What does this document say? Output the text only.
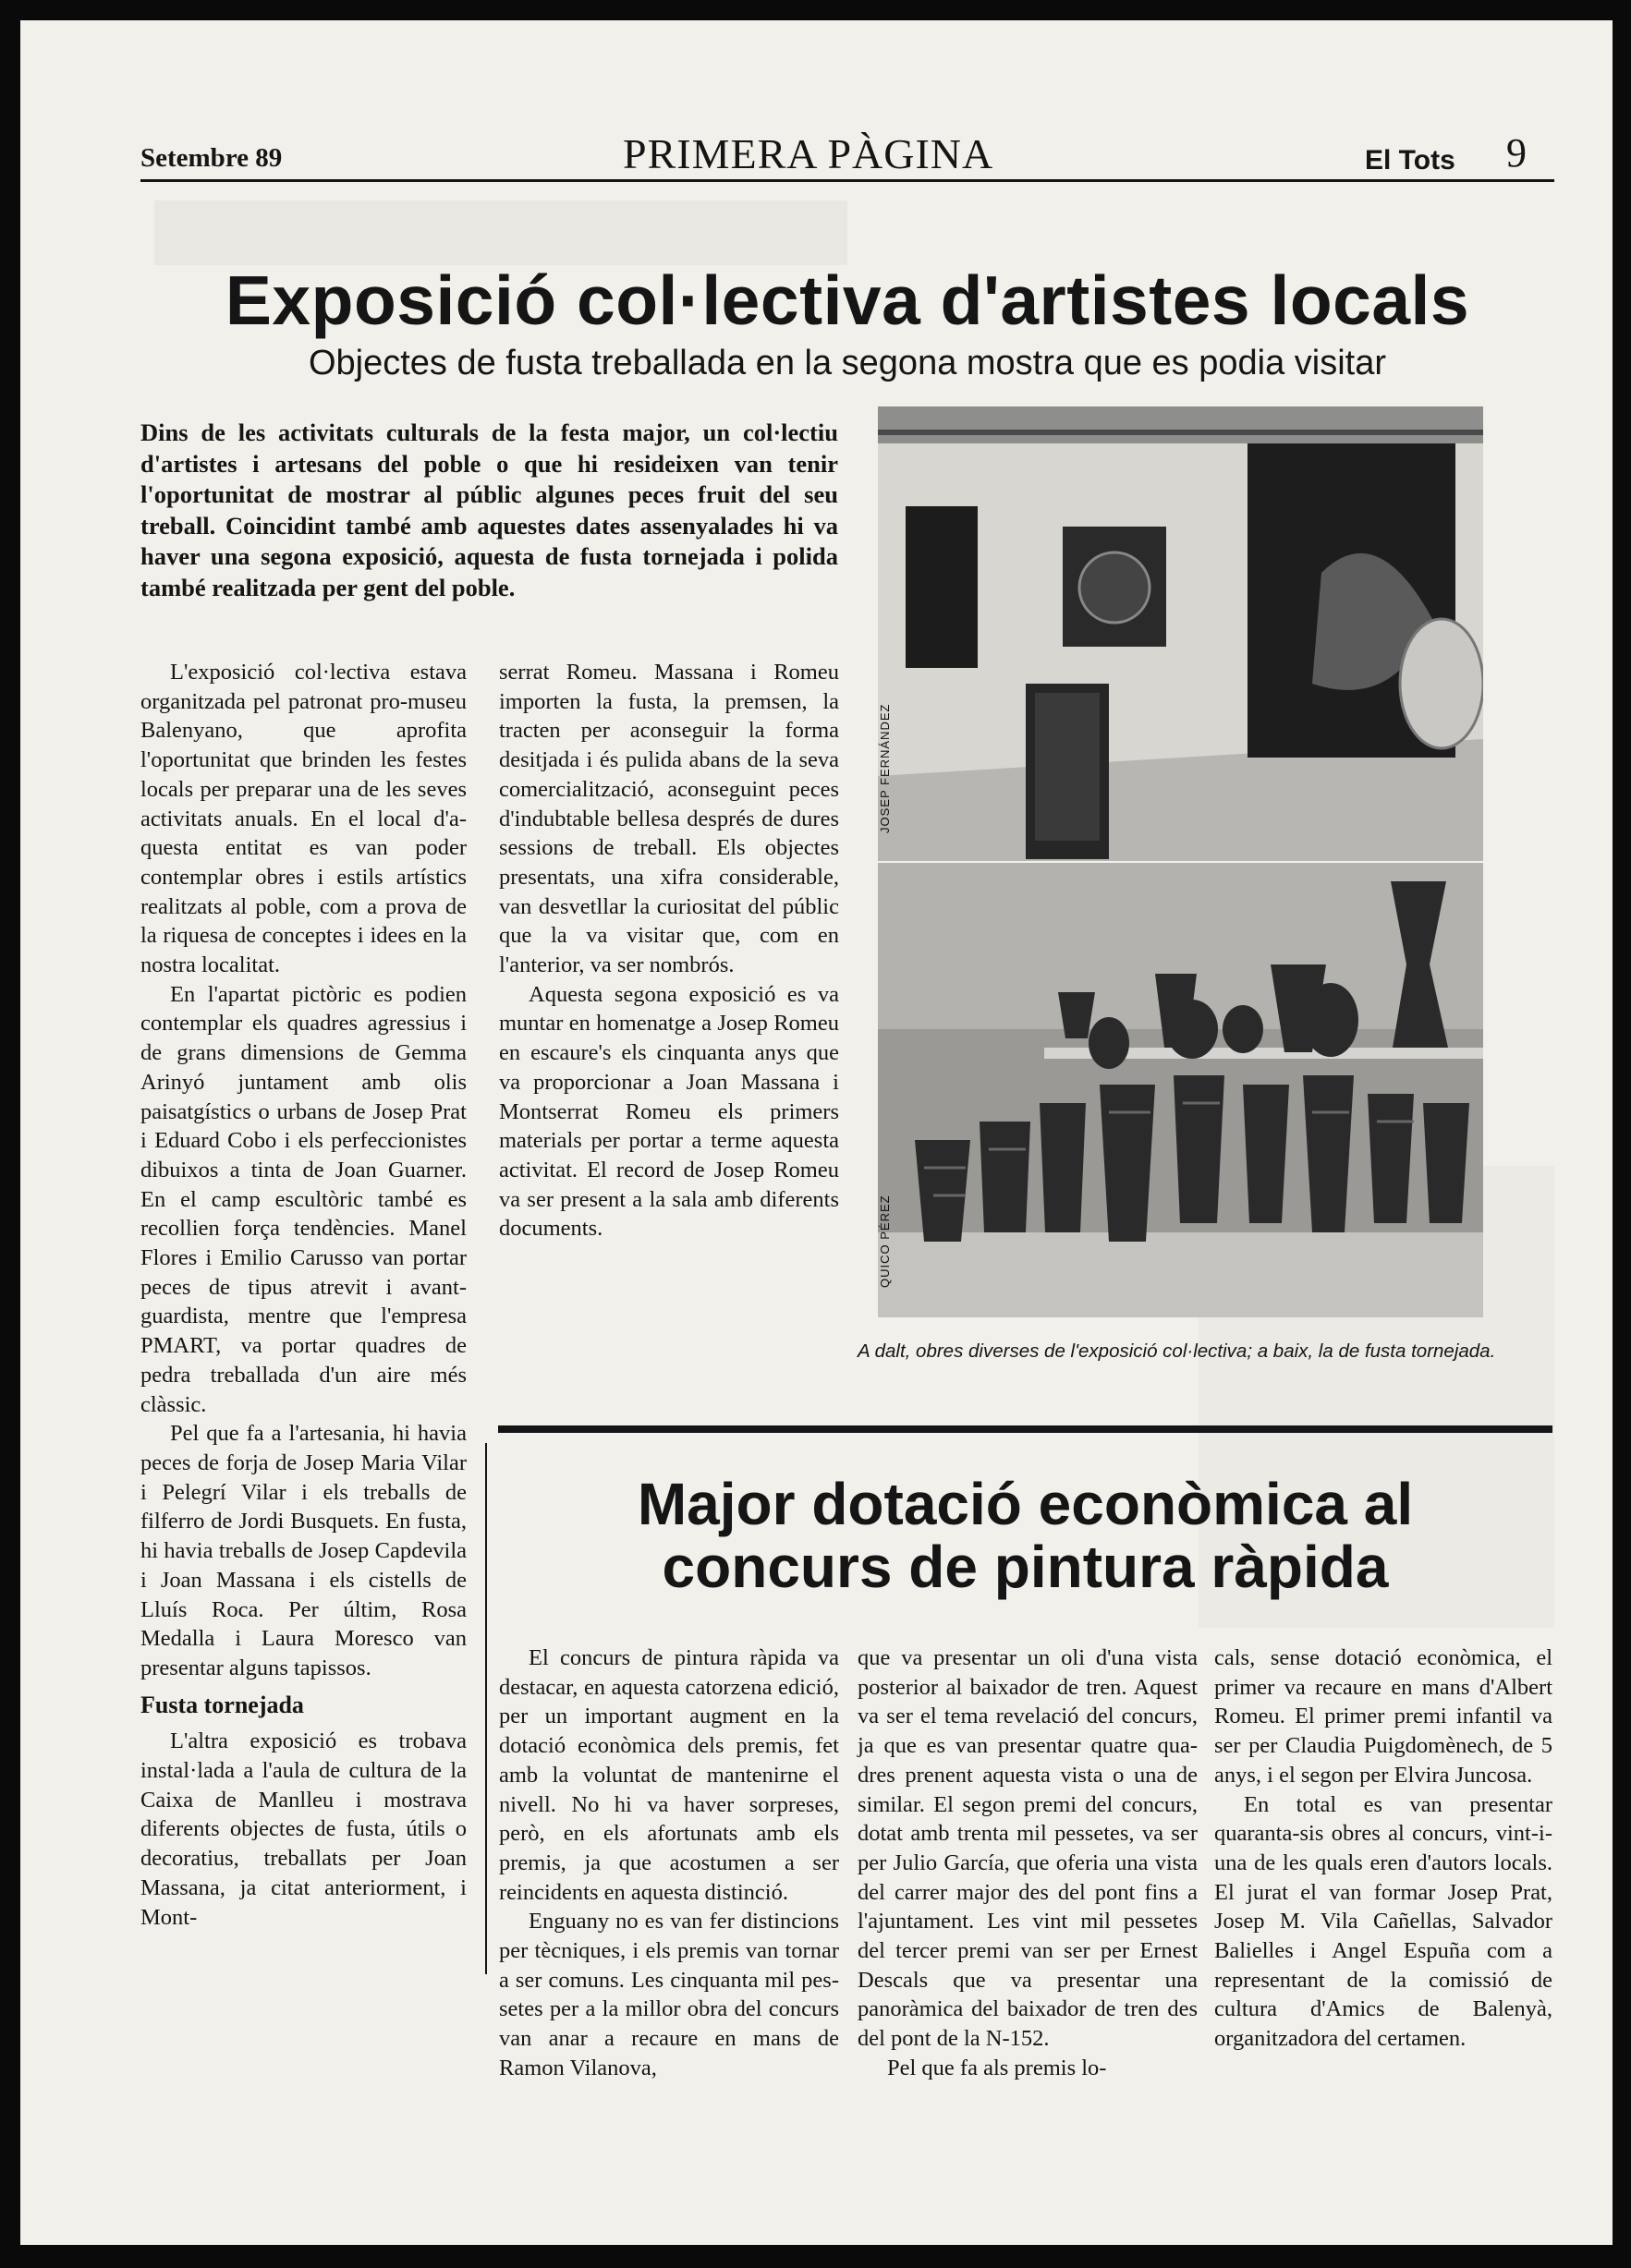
Setembre 89	PRIMERA PÀGINA	El Tots 9
Exposició col·lectiva d'artistes locals
Objectes de fusta treballada en la segona mostra que es podia visitar
Dins de les activitats culturals de la festa major, un col·lectiu d'artistes i artesans del poble o que hi resideixen van tenir l'oportunitat de mostrar al públic algunes peces fruit del seu treball. Coincidint també amb aquestes dates assenyalades hi va haver una segona exposició, aquesta de fusta tornejada i polida també realitzada per gent del poble.

L'exposició col·lectiva estava organitzada pel patronat pro-museu Balenyano, que aprofita l'oportunitat que brinden les festes locals per preparar una de les seves activitats anuals. En el local d'aquesta entitat es van poder contemplar obres i estils artístics realitzats al poble, com a prova de la riquesa de conceptes i idees en la nostra localitat.

En l'apartat pictòric es podien contemplar els quadres agressius i de grans dimensions de Gemma Arinyó juntament amb olis paisatgístics o urbans de Josep Prat i Eduard Cobo i els perfeccionistes dibuixos a tinta de Joan Guarner. En el camp escultòric també es recollien força tendències. Manel Flores i Emilio Carusso van portar peces de tipus atrevit i avantguardista, mentre que l'empresa PMART, va portar quadres de pedra treballada d'un aire més clàssic.

Pel que fa a l'artesania, hi havia peces de forja de Josep Maria Vilar i Pelegrí Vilar i els treballs de filferro de Jordi Busquets. En fusta, hi havia treballs de Josep Capdevila i Joan Massana i els cistells de Lluís Roca. Per últim, Rosa Medalla i Laura Moresco van presentar alguns tapissos.

Fusta tornejada

L'altra exposició es trobava instal·lada a l'aula de cultura de la Caixa de Manlleu i mostrava diferents objectes de fusta, útils o decoratius, treballats per Joan Massana, ja citat anteriorment, i Mont-

serrat Romeu. Massana i Romeu importen la fusta, la premsen, la tracten per aconseguir la forma desitjada i és pulida abans de la seva comercialització, aconseguint peces d'indubtable bellesa després de dures sessions de treball. Els objectes presentats, una xifra considerable, van desvetllar la curiositat del públic que la va visitar que, com en l'anterior, va ser nombrós.

Aquesta segona exposició es va muntar en homenatge a Josep Romeu en escaure's els cinquanta anys que va proporcionar a Joan Massana i Montserrat Romeu els primers materials per portar a terme aquesta activitat. El record de Josep Romeu va ser present a la sala amb diferents documents.

JOSEP FERNÁNDEZ
QUICO PÉREZ
A dalt, obres diverses de l'exposició col·lectiva; a baix, la de fusta tornejada.
Major dotació econòmica al
concurs de pintura ràpida

El concurs de pintura ràpida va destacar, en aquesta catorzena edició, per un important augment en la dotació econòmica dels premis, fet amb la voluntat de mantenirne el nivell. No hi va haver sorpreses, però, en els afortunats amb els premis, ja que acostumen a ser reincidents en aquesta distinció.

Enguany no es van fer distincions per tècniques, i els premis van tornar a ser comuns. Les cinquanta mil pessetes per a la millor obra del concurs van anar a recaure en mans de Ramon Vilanova,

que va presentar un oli d'una vista posterior al baixador de tren. Aquest va ser el tema revelació del concurs, ja que es van presentar quatre quadres prenent aquesta vista o una de similar. El segon premi del concurs, dotat amb trenta mil pessetes, va ser per Julio García, que oferia una vista del carrer major des del pont fins a l'ajuntament. Les vint mil pessetes del tercer premi van ser per Ernest Descals que va presentar una panoràmica del baixador de tren des del pont de la N-152.

Pel que fa als premis lo-

cals, sense dotació econòmica, el primer va recaure en mans d'Albert Romeu. El primer premi infantil va ser per Claudia Puigdomènech, de 5 anys, i el segon per Elvira Juncosa.

En total es van presentar quaranta-sis obres al concurs, vint-i-una de les quals eren d'autors locals. El jurat el van formar Josep Prat, Josep M. Vila Cañellas, Salvador Balielles i Angel Espuña com a representant de la comissió de cultura d'Amics de Balenyà, organitzadora del certamen.
